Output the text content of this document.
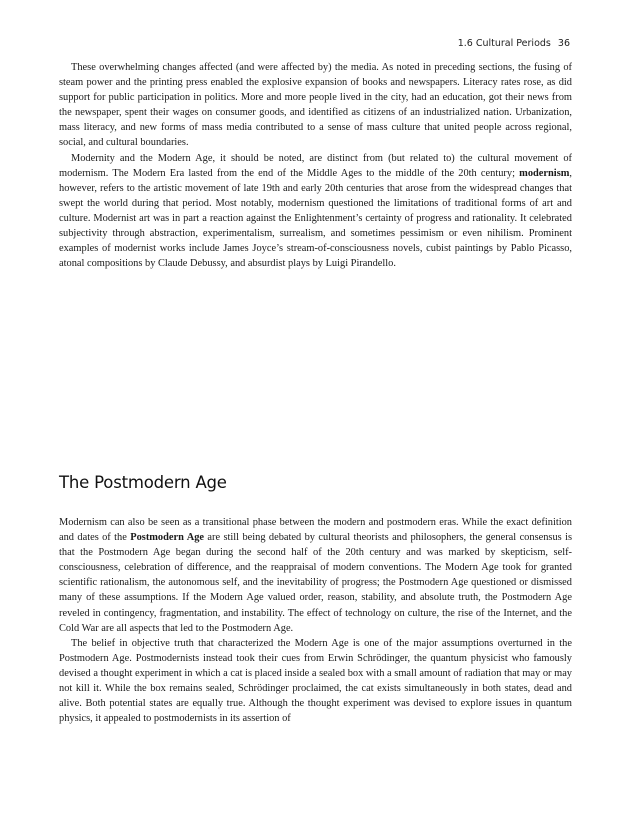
1.6 Cultural Periods 36

These overwhelming changes affected (and were affected by) the media. As noted in preceding sections, the fusing of steam power and the printing press enabled the explosive expansion of books and newspapers. Literacy rates rose, as did support for public participation in politics. More and more people lived in the city, had an education, got their news from the newspaper, spent their wages on consumer goods, and identified as citizens of an industrialized nation. Urbanization, mass literacy, and new forms of mass media contributed to a sense of mass culture that united people across regional, social, and cultural boundaries.

Modernity and the Modern Age, it should be noted, are distinct from (but related to) the cultural movement of modernism. The Modern Era lasted from the end of the Middle Ages to the middle of the 20th century; modernism, however, refers to the artistic movement of late 19th and early 20th centuries that arose from the widespread changes that swept the world during that period. Most notably, modernism questioned the limitations of traditional forms of art and culture. Modernist art was in part a reaction against the Enlightenment’s certainty of progress and rationality. It celebrated subjectivity through abstraction, experimentalism, surrealism, and sometimes pessimism or even nihilism. Prominent examples of modernist works include James Joyce’s stream-of-consciousness novels, cubist paintings by Pablo Picasso, atonal compositions by Claude Debussy, and absurdist plays by Luigi Pirandello.

The Postmodern Age

Modernism can also be seen as a transitional phase between the modern and postmodern eras. While the exact definition and dates of the Postmodern Age are still being debated by cultural theorists and philosophers, the general consensus is that the Postmodern Age began during the second half of the 20th century and was marked by skepticism, self-consciousness, celebration of difference, and the reappraisal of modern conventions. The Modern Age took for granted scientific rationalism, the autonomous self, and the inevitability of progress; the Postmodern Age questioned or dismissed many of these assumptions. If the Modern Age valued order, reason, stability, and absolute truth, the Postmodern Age reveled in contingency, fragmentation, and instability. The effect of technology on culture, the rise of the Internet, and the Cold War are all aspects that led to the Postmodern Age.

The belief in objective truth that characterized the Modern Age is one of the major assumptions overturned in the Postmodern Age. Postmodernists instead took their cues from Erwin Schrödinger, the quantum physicist who famously devised a thought experiment in which a cat is placed inside a sealed box with a small amount of radiation that may or may not kill it. While the box remains sealed, Schrödinger proclaimed, the cat exists simultaneously in both states, dead and alive. Both potential states are equally true. Although the thought experiment was devised to explore issues in quantum physics, it appealed to postmodernists in its assertion of
